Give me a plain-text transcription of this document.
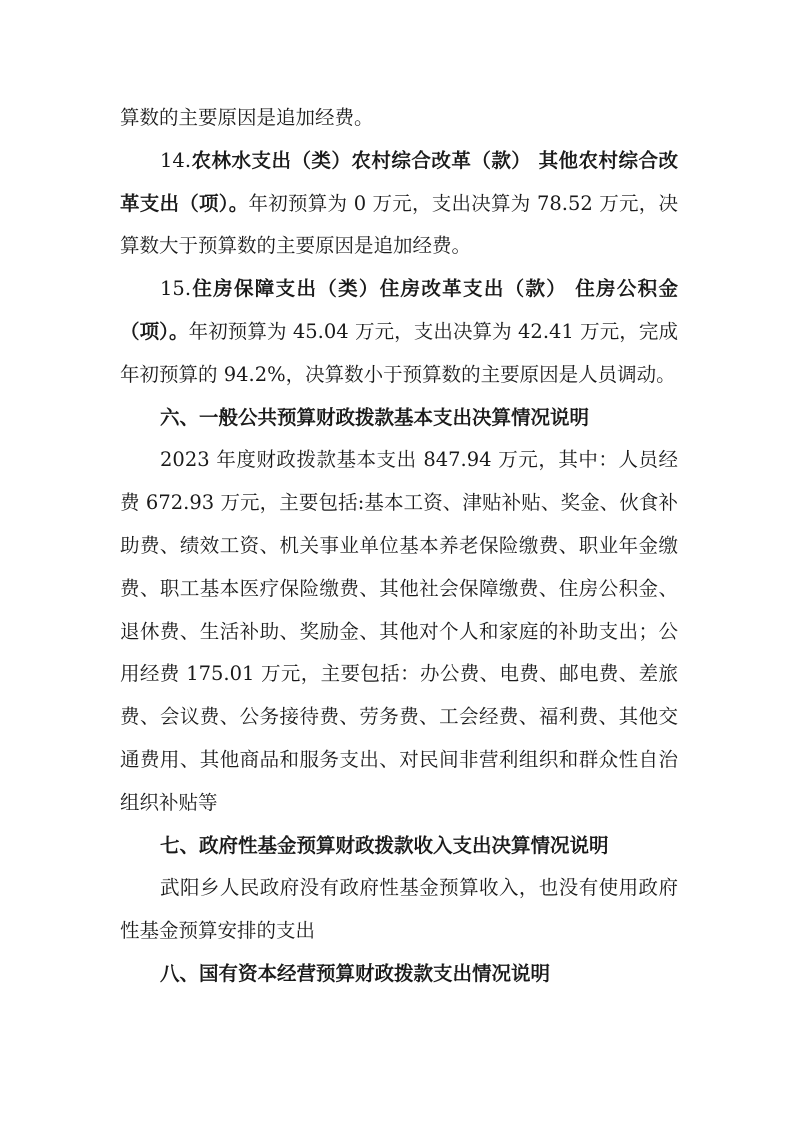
算数的主要原因是追加经费。

14.农林水支出（类）农村综合改革（款） 其他农村综合改革支出（项）。年初预算为 0 万元，支出决算为 78.52 万元，决算数大于预算数的主要原因是追加经费。

15.住房保障支出（类）住房改革支出（款） 住房公积金（项）。年初预算为 45.04 万元，支出决算为 42.41 万元，完成年初预算的 94.2%，决算数小于预算数的主要原因是人员调动。

六、一般公共预算财政拨款基本支出决算情况说明

2023 年度财政拨款基本支出 847.94 万元，其中：人员经费 672.93 万元，主要包括:基本工资、津贴补贴、奖金、伙食补助费、绩效工资、机关事业单位基本养老保险缴费、职业年金缴费、职工基本医疗保险缴费、其他社会保障缴费、住房公积金、退休费、生活补助、奖励金、其他对个人和家庭的补助支出；公用经费 175.01 万元，主要包括：办公费、电费、邮电费、差旅费、会议费、公务接待费、劳务费、工会经费、福利费、其他交通费用、其他商品和服务支出、对民间非营利组织和群众性自治组织补贴等

七、政府性基金预算财政拨款收入支出决算情况说明

武阳乡人民政府没有政府性基金预算收入，也没有使用政府性基金预算安排的支出

八、国有资本经营预算财政拨款支出情况说明
